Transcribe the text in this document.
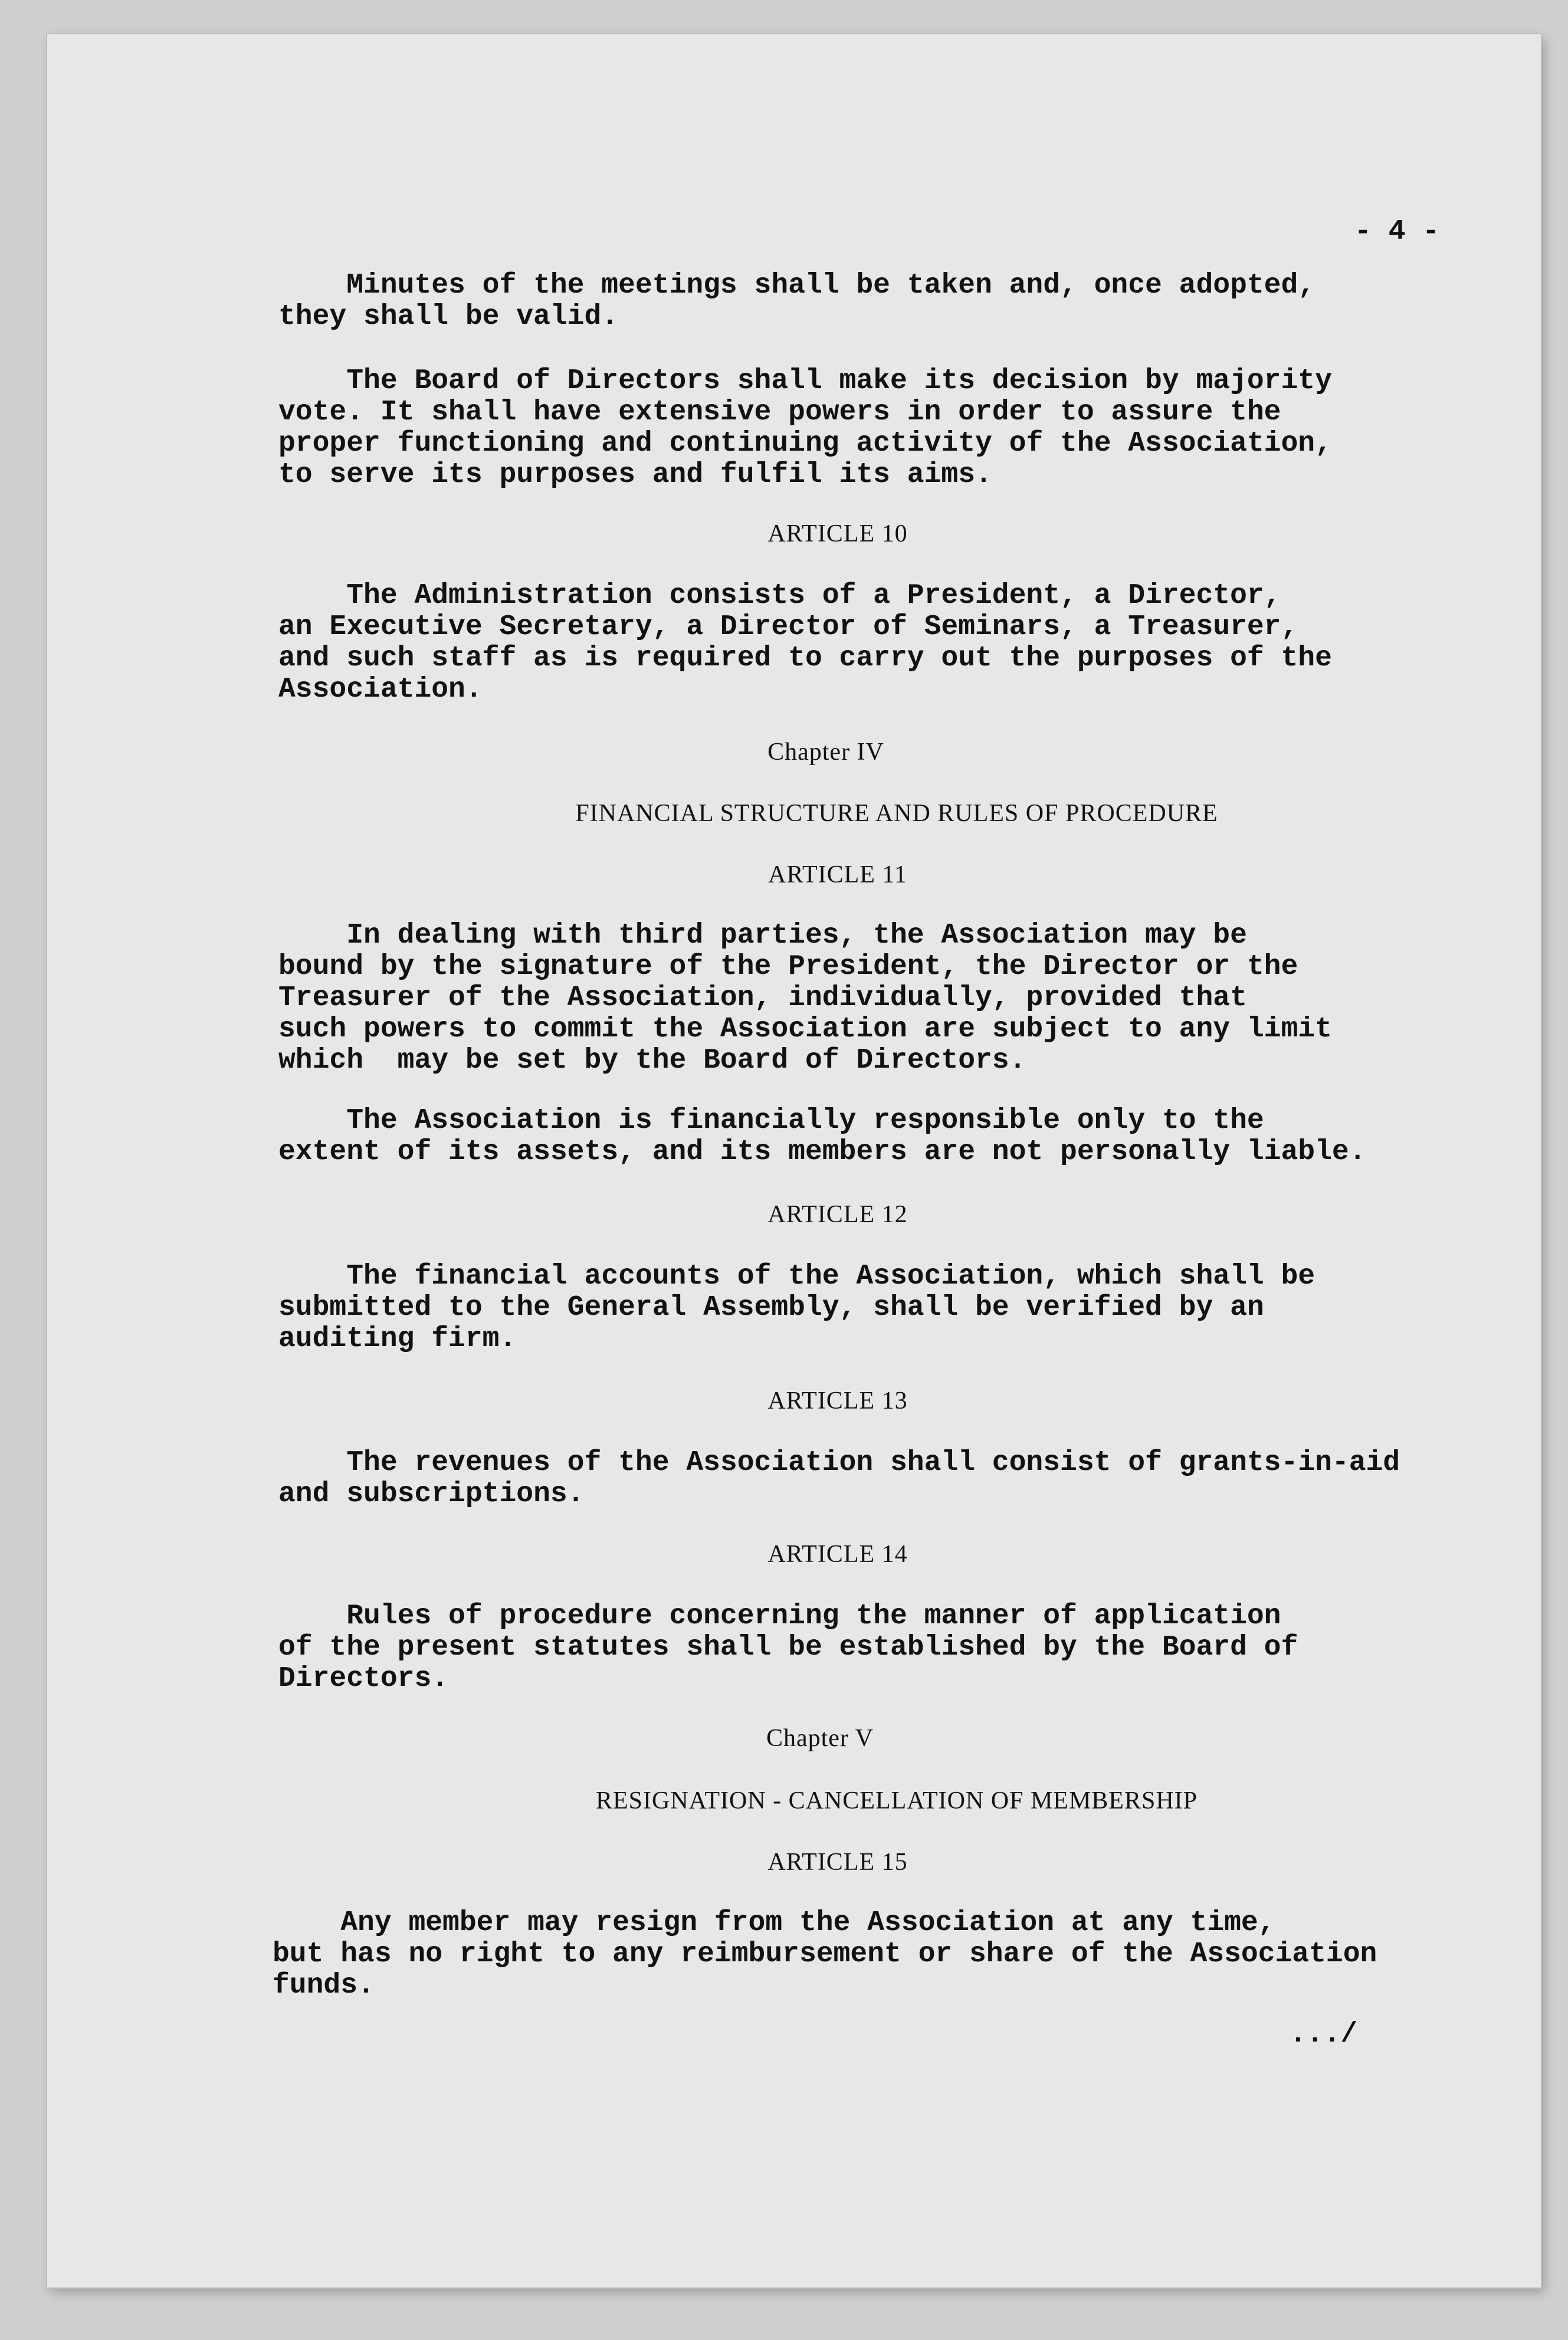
- 4 -

Minutes of the meetings shall be taken and, once adopted,
they shall be valid.

The Board of Directors shall make its decision by majority
vote. It shall have extensive powers in order to assure the
proper functioning and continuing activity of the Association,
to serve its purposes and fulfil its aims.

ARTICLE 10

The Administration consists of a President, a Director,
an Executive Secretary, a Director of Seminars, a Treasurer,
and such staff as is required to carry out the purposes of the
Association.

Chapter IV
FINANCIAL STRUCTURE AND RULES OF PROCEDURE
ARTICLE 11

In dealing with third parties, the Association may be
bound by the signature of the President, the Director or the
Treasurer of the Association, individually, provided that
such powers to commit the Association are subject to any limit
which  may be set by the Board of Directors.

The Association is financially responsible only to the
extent of its assets, and its members are not personally liable.

ARTICLE 12

The financial accounts of the Association, which shall be
submitted to the General Assembly, shall be verified by an
auditing firm.

ARTICLE 13

The revenues of the Association shall consist of grants-in-aid
and subscriptions.

ARTICLE 14

Rules of procedure concerning the manner of application
of the present statutes shall be established by the Board of
Directors.

Chapter V
RESIGNATION - CANCELLATION OF MEMBERSHIP
ARTICLE 15

Any member may resign from the Association at any time,
but has no right to any reimbursement or share of the Association
funds.

.../
